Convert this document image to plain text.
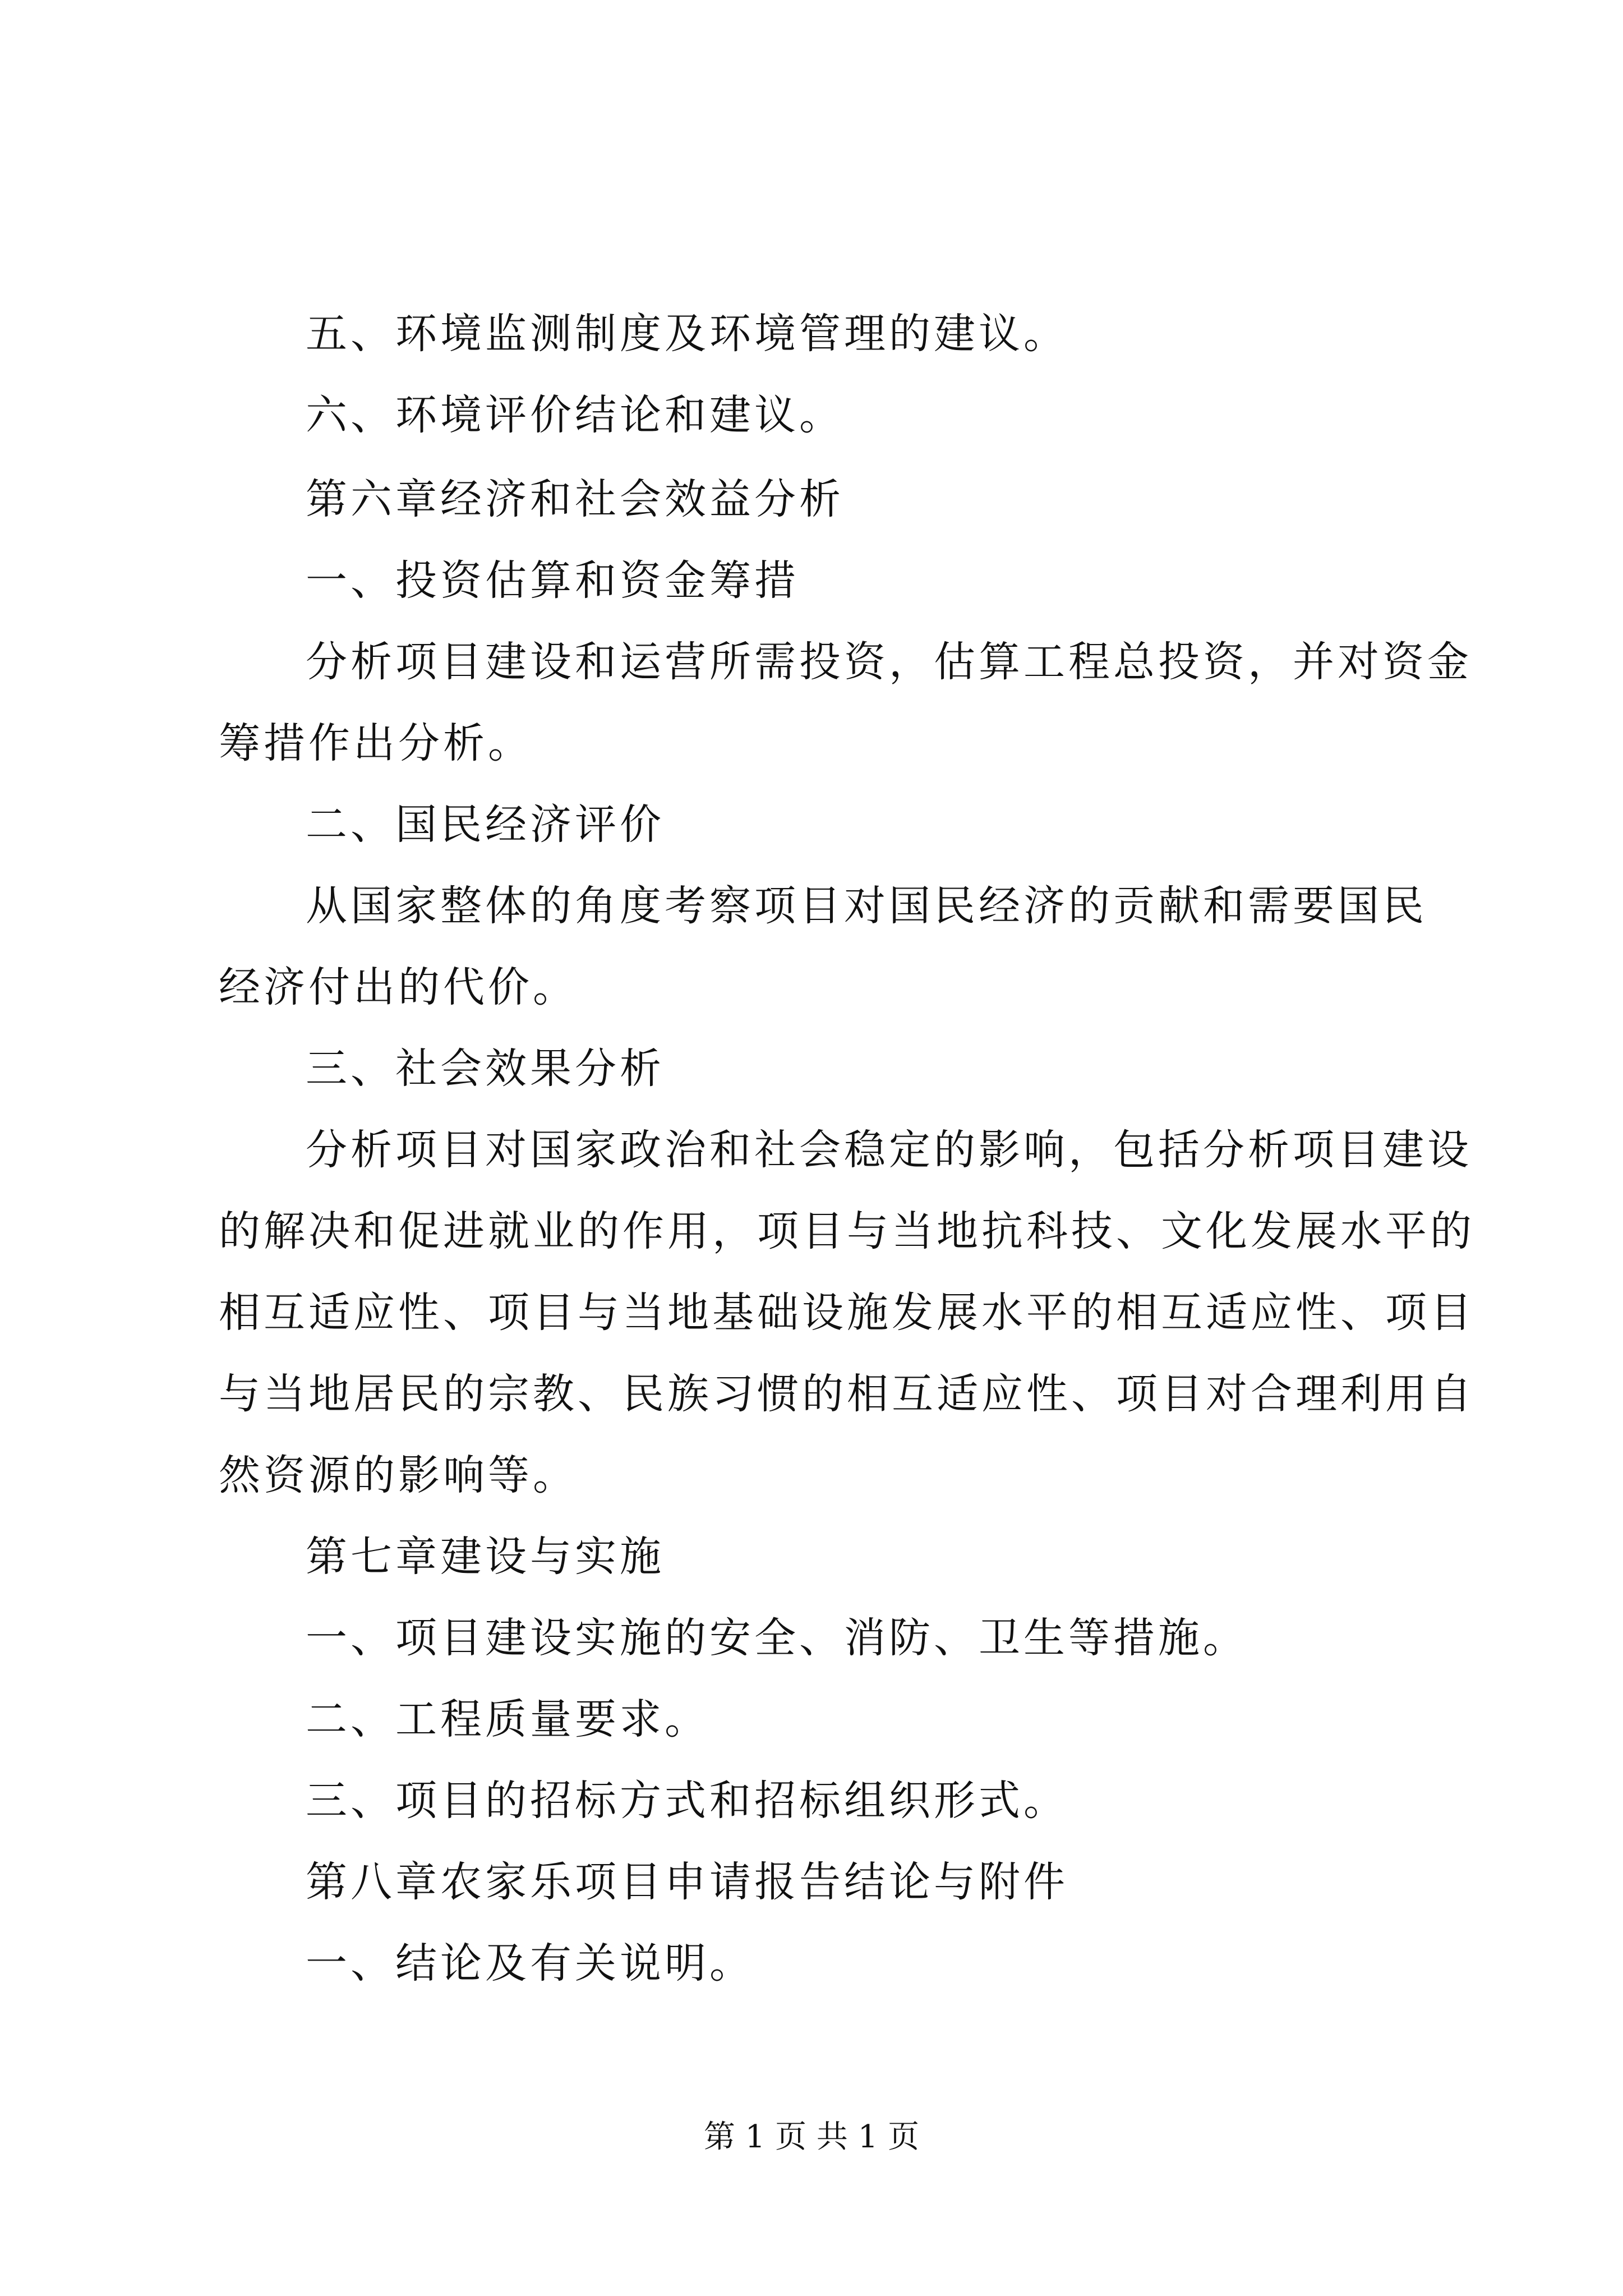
五、环境监测制度及环境管理的建议。
六、环境评价结论和建议。
第六章经济和社会效益分析
一、投资估算和资金筹措
分析项目建设和运营所需投资，估算工程总投资，并对资金
筹措作出分析。
二、国民经济评价
从国家整体的角度考察项目对国民经济的贡献和需要国民
经济付出的代价。
三、社会效果分析
分析项目对国家政治和社会稳定的影响，包括分析项目建设
的解决和促进就业的作用，项目与当地抗科技、文化发展水平的
相互适应性、项目与当地基础设施发展水平的相互适应性、项目
与当地居民的宗教、民族习惯的相互适应性、项目对合理利用自
然资源的影响等。
第七章建设与实施
一、项目建设实施的安全、消防、卫生等措施。
二、工程质量要求。
三、项目的招标方式和招标组织形式。
第八章农家乐项目申请报告结论与附件
一、结论及有关说明。
第 1 页 共 1 页
